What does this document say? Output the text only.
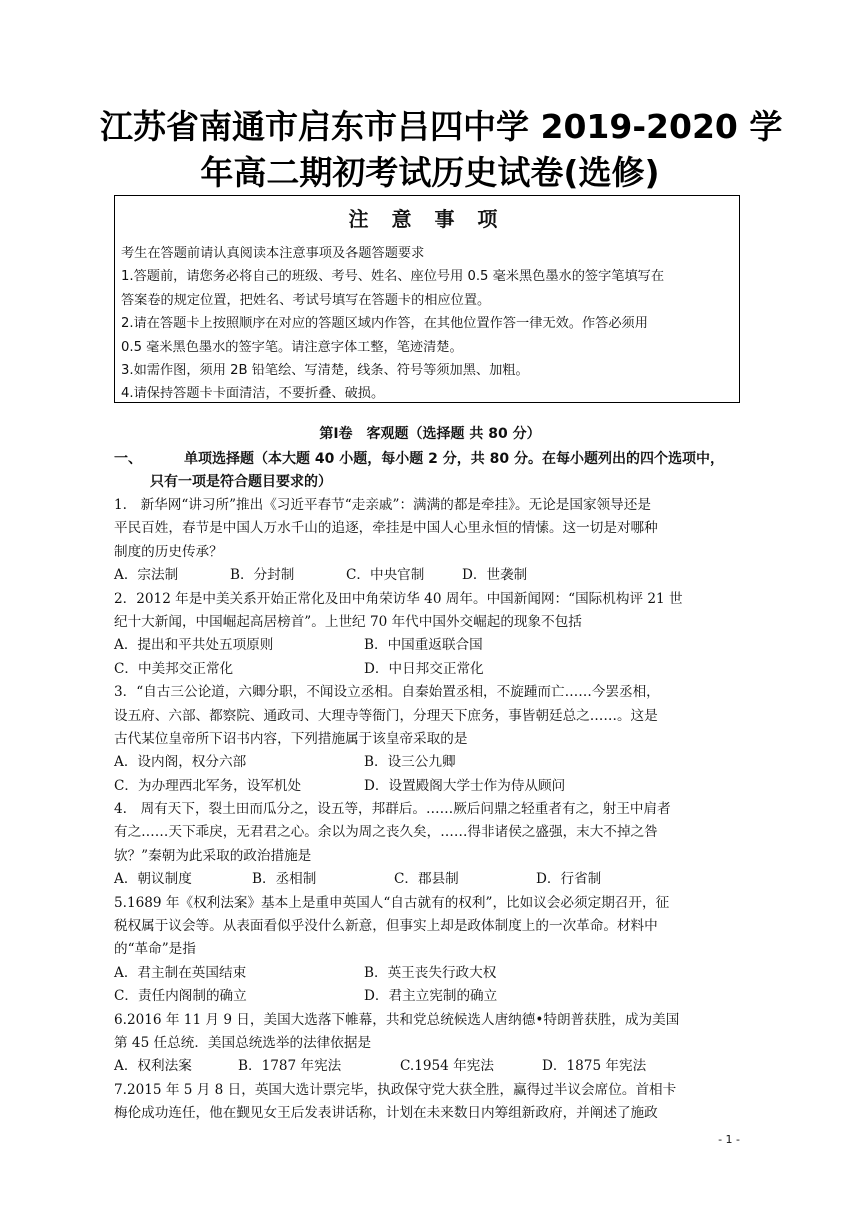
江苏省南通市启东市吕四中学 2019-2020 学
年高二期初考试历史试卷(选修)
注 意 事 项
考生在答题前请认真阅读本注意事项及各题答题要求
1.答题前，请您务必将自己的班级、考号、姓名、座位号用 0.5 毫米黑色墨水的签字笔填写在
答案卷的规定位置，把姓名、考试号填写在答题卡的相应位置。
2.请在答题卡上按照顺序在对应的答题区域内作答，在其他位置作答一律无效。作答必须用
0.5 毫米黑色墨水的签字笔。请注意字体工整，笔迹清楚。
3.如需作图，须用 2B 铅笔绘、写清楚，线条、符号等须加黑、加粗。
4.请保持答题卡卡面清洁，不要折叠、破损。
第Ⅰ卷　客观题（选择题 共 80 分）
一、	单项选择题（本大题 40 小题，每小题 2 分，共 80 分。在每小题列出的四个选项中，
只有一项是符合题目要求的）
1.　新华网“讲习所”推出《习近平春节“走亲戚”：满满的都是牵挂》。无论是国家领导还是
平民百姓，春节是中国人万水千山的追逐，牵挂是中国人心里永恒的情愫。这一切是对哪种
制度的历史传承？
A．宗法制	B．分封制	C．中央官制	D．世袭制
2．2012 年是中美关系开始正常化及田中角荣访华 40 周年。中国新闻网：“国际机构评 21 世
纪十大新闻，中国崛起高居榜首”。上世纪 70 年代中国外交崛起的现象不包括
A．提出和平共处五项原则	B．中国重返联合国
C．中美邦交正常化	D．中日邦交正常化
3．“自古三公论道，六卿分职，不闻设立丞相。自秦始置丞相，不旋踵而亡……今罢丞相，
设五府、六部、都察院、通政司、大理寺等衙门，分理天下庶务，事皆朝廷总之……。这是
古代某位皇帝所下诏书内容，下列措施属于该皇帝采取的是
A．设内阁，权分六部	B．设三公九卿
C．为办理西北军务，设军机处	D．设置殿阁大学士作为侍从顾问
4.　周有天下，裂土田而瓜分之，设五等，邦群后。……厥后问鼎之轻重者有之，射王中肩者
有之……天下乖戾，无君君之心。余以为周之丧久矣，……得非诸侯之盛强，末大不掉之咎
欤？”秦朝为此采取的政治措施是
A．朝议制度	B．丞相制	C．郡县制	D．行省制
5.1689 年《权利法案》基本上是重申英国人“自古就有的权利”，比如议会必须定期召开，征
税权属于议会等。从表面看似乎没什么新意，但事实上却是政体制度上的一次革命。材料中
的“革命”是指
A．君主制在英国结束	B．英王丧失行政大权
C．责任内阁制的确立	D．君主立宪制的确立
6.2016 年 11 月 9 日，美国大选落下帷幕，共和党总统候选人唐纳德•特朗普获胜，成为美国
第 45 任总统．美国总统选举的法律依据是
A．权利法案	B．1787 年宪法	C.1954 年宪法	D．1875 年宪法
7.2015 年 5 月 8 日，英国大选计票完毕，执政保守党大获全胜，赢得过半议会席位。首相卡
梅伦成功连任，他在觐见女王后发表讲话称，计划在未来数日内筹组新政府，并阐述了施政
- 1 -
